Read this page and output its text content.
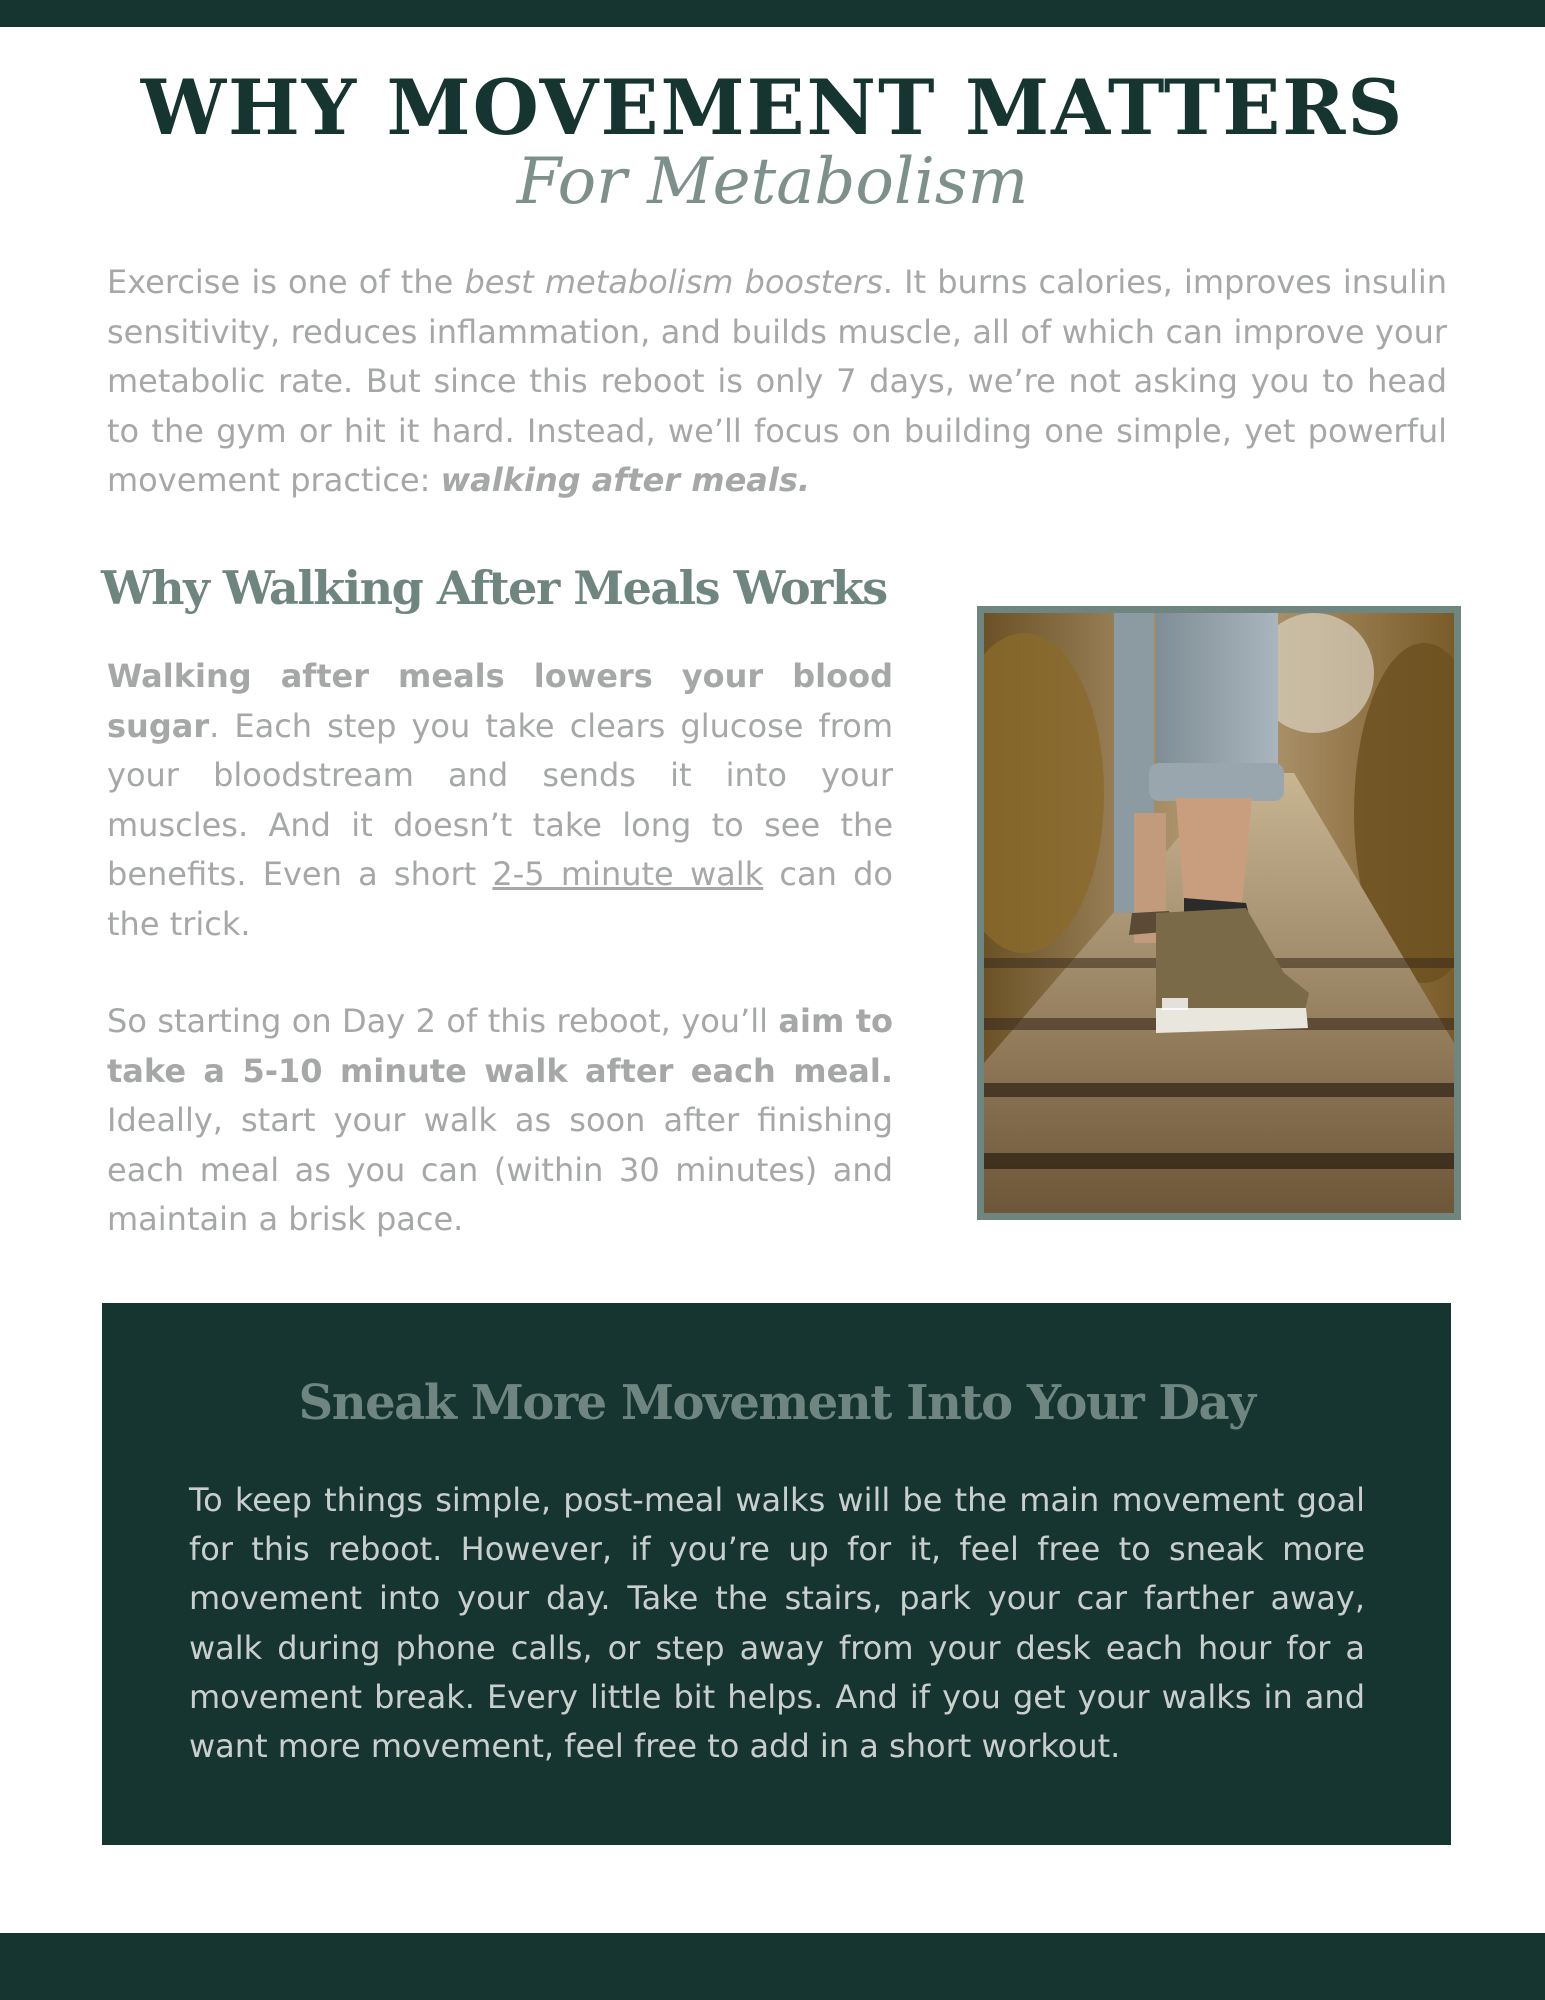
WHY MOVEMENT MATTERS
For Metabolism

Exercise is one of the best metabolism boosters. It burns calories, improves insulin sensitivity, reduces inflammation, and builds muscle, all of which can improve your metabolic rate. But since this reboot is only 7 days, we’re not asking you to head to the gym or hit it hard. Instead, we’ll focus on building one simple, yet powerful movement practice: walking after meals.

Why Walking After Meals Works

Walking after meals lowers your blood sugar. Each step you take clears glucose from your bloodstream and sends it into your muscles. And it doesn’t take long to see the benefits. Even a short 2-5 minute walk can do the trick.

So starting on Day 2 of this reboot, you’ll aim to take a 5-10 minute walk after each meal. Ideally, start your walk as soon after finishing each meal as you can (within 30 minutes) and maintain a brisk pace.

Sneak More Movement Into Your Day

To keep things simple, post-meal walks will be the main movement goal for this reboot. However, if you’re up for it, feel free to sneak more movement into your day. Take the stairs, park your car farther away, walk during phone calls, or step away from your desk each hour for a movement break. Every little bit helps. And if you get your walks in and want more movement, feel free to add in a short workout.
